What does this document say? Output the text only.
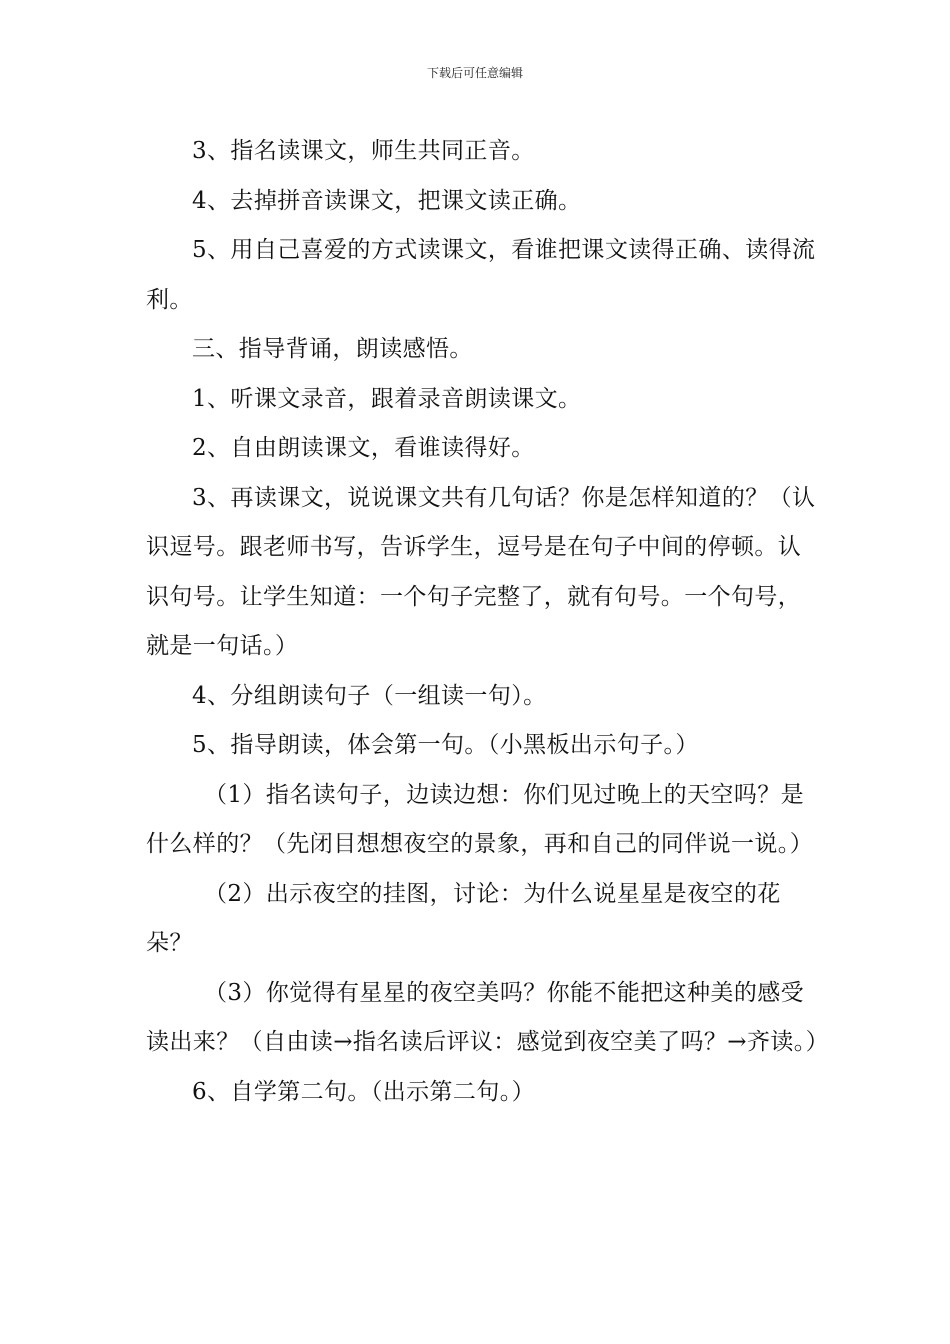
下载后可任意编辑

3、指名读课文，师生共同正音。

4、去掉拼音读课文，把课文读正确。

5、用自己喜爱的方式读课文，看谁把课文读得正确、读得流利。

三、指导背诵，朗读感悟。

1、听课文录音，跟着录音朗读课文。

2、自由朗读课文，看谁读得好。

3、再读课文，说说课文共有几句话？你是怎样知道的？（认识逗号。跟老师书写，告诉学生，逗号是在句子中间的停顿。认识句号。让学生知道：一个句子完整了，就有句号。一个句号，就是一句话。）

4、分组朗读句子（一组读一句）。

5、指导朗读，体会第一句。（小黑板出示句子。）

（1）指名读句子，边读边想：你们见过晚上的天空吗？是什么样的？（先闭目想想夜空的景象，再和自己的同伴说一说。）

（2）出示夜空的挂图，讨论：为什么说星星是夜空的花朵？

（3）你觉得有星星的夜空美吗？你能不能把这种美的感受读出来？（自由读→指名读后评议：感觉到夜空美了吗？→齐读。）

6、自学第二句。（出示第二句。）
